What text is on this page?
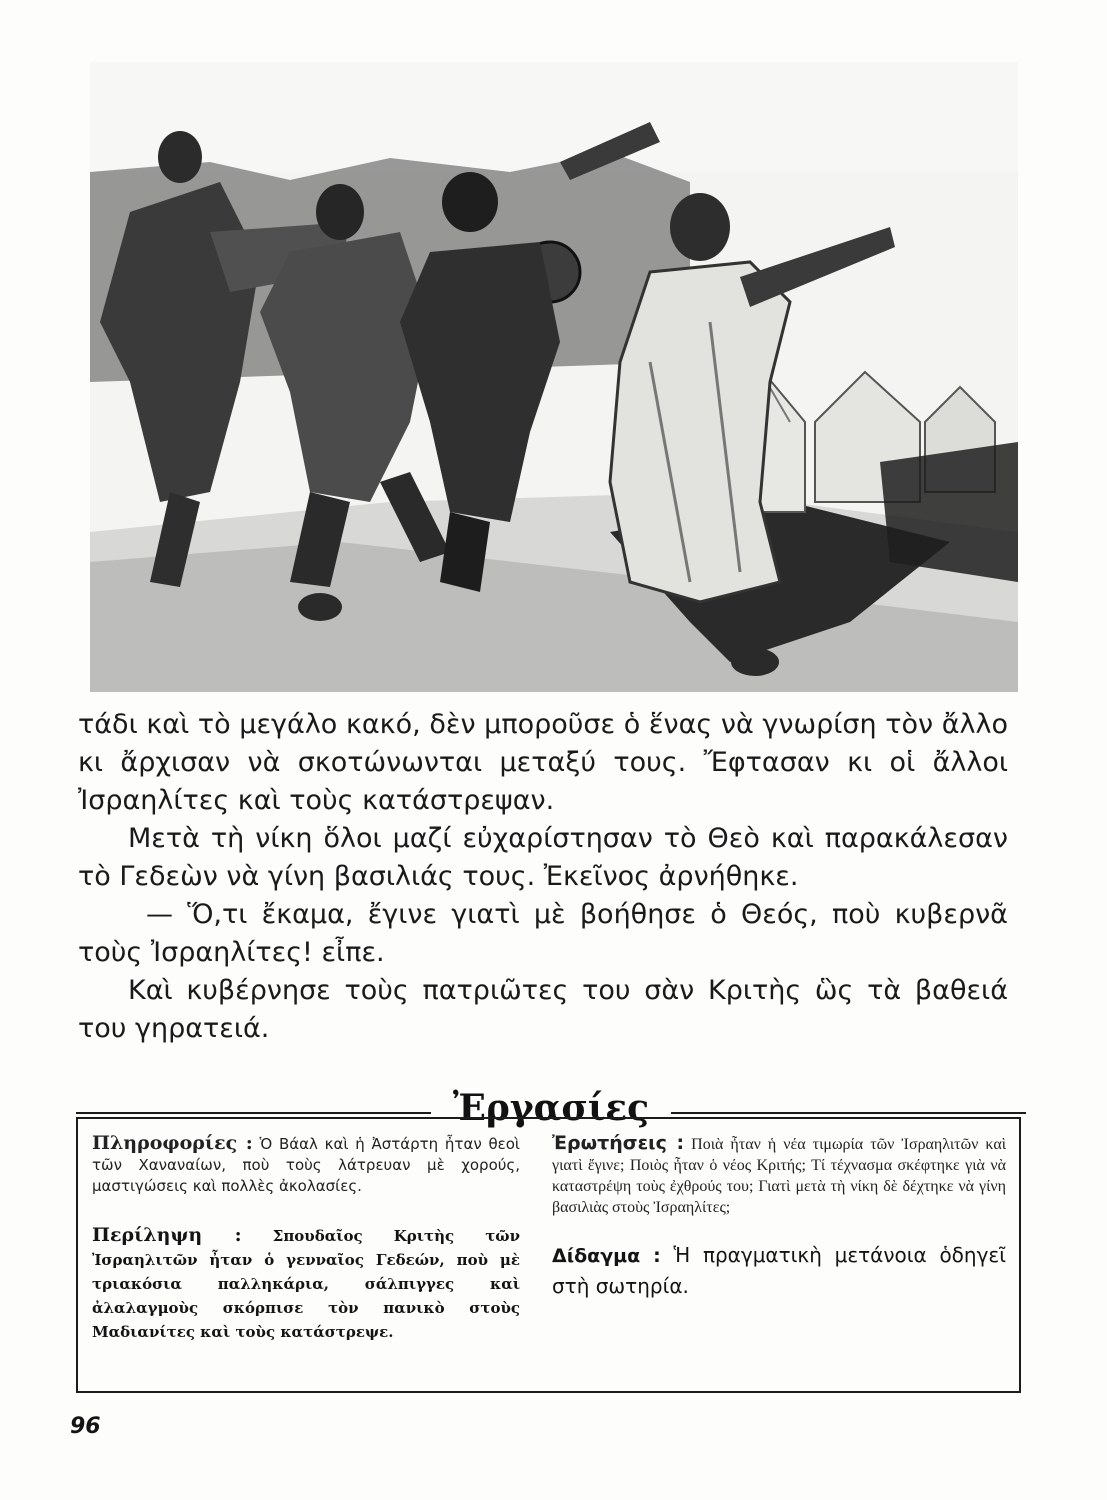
τάδι καὶ τὸ μεγάλο κακό, δὲν μποροῦσε ὁ ἕνας νὰ γνωρίση τὸν ἄλλο κι ἄρχισαν νὰ σκοτώνωνται μεταξύ τους. Ἔφτασαν κι οἱ ἄλλοι Ἰσραηλίτες καὶ τοὺς κατάστρεψαν.

Μετὰ τὴ νίκη ὅλοι μαζί εὐχαρίστησαν τὸ Θεὸ καὶ παρακάλεσαν τὸ Γεδεὼν νὰ γίνη βασιλιάς τους. Ἐκεῖνος ἀρνήθηκε.

— Ὅ,τι ἔκαμα, ἔγινε γιατὶ μὲ βοήθησε ὁ Θεός, ποὺ κυβερνᾶ τοὺς Ἰσραηλίτες! εἶπε.

Καὶ κυβέρνησε τοὺς πατριῶτες του σὰν Κριτὴς ὣς τὰ βαθειά του γηρατειά.

Ἐργασίες

Πληροφορίες : Ὁ Βάαλ καὶ ἡ Ἀστάρτη ἦταν θεοὶ τῶν Χαναναίων, ποὺ τοὺς λάτρευαν μὲ χορούς, μαστιγώσεις καὶ πολλὲς ἀκολασίες.

Περίληψη : Σπουδαῖος Κριτὴς τῶν Ἰσραηλιτῶν ἦταν ὁ γενναῖος Γεδεών, ποὺ μὲ τριακόσια παλληκάρια, σάλπιγγες καὶ ἀλαλαγμοὺς σκόρπισε τὸν πανικὸ στοὺς Μαδιανίτες καὶ τοὺς κατάστρεψε.

Ἐρωτήσεις : Ποιὰ ἦταν ἡ νέα τιμωρία τῶν Ἰσραηλιτῶν καὶ γιατὶ ἔγινε; Ποιὸς ἦταν ὁ νέος Κριτής; Τί τέχνασμα σκέφτηκε γιὰ νὰ καταστρέψη τοὺς ἐχθρούς του; Γιατὶ μετὰ τὴ νίκη δὲ δέχτηκε νὰ γίνη βασιλιὰς στοὺς Ἰσραηλίτες;

Δίδαγμα : Ἡ πραγματικὴ μετάνοια ὁδηγεῖ στὴ σωτηρία.

96
